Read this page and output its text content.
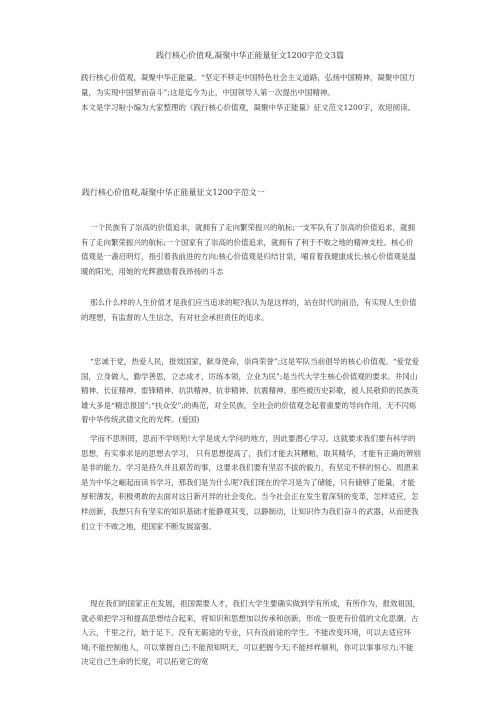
践行核心价值观,凝聚中华正能量征文1200字范文3篇

践行核心价值观，凝聚中华正能量。“坚定不移走中国特色社会主义道路，弘扬中国精神，凝聚中国力量，为实现中国梦而奋斗”;这是迄今为止，中国领导人第一次提出中国精神。

本文是学习啦小编为大家整理的《践行核心价值观，凝聚中华正能量》征文范文1200字，欢迎阅读。

践行核心价值观,凝聚中华正能量征文1200字范文一

一个民族有了崇高的价值追求，就拥有了走向繁荣振兴的航标;一支军队有了崇高的价值追求，就拥有了走向繁荣振兴的航标;一个国家有了崇高的价值追求，就拥有了利于不败之地的精神支柱。核心价值观是一盏启明灯，指引着我前进的方向;核心价值观是归结甘泉，哺育着我健康成长;核心价值观是温暖的阳光，用她的光辉激励着我昂扬的斗志

那么什么样的人生价值才是我们应当追求的呢?我认为是这样的，站在时代的前沿，有实现人生价值的理想，有监督的人生信念，有对社会承担责任的追求。

“忠诚于党，热爱人民，报效国家，献身使命，崇尚荣誉”;这是军队当前倡导的核心价值观。“爱党爱国，立身做人，勤学善思，立志成才，厉练本领，立业为民”;是当代大学生核心价值观的要求。井冈山精神、长征精神、雷锋精神、抗洪精神、抗非精神、抗震精神、那些被历史彩歌，被人民敬仰的民族英雄大多是“精忠报国”;“扶众安”;的典范，对全民族、全社会的价值观念起着重要的导向作用，无不闪烁着中华传统武德文化的光辉。(爱国)

学而不思则罔，思而不学则殆!大学是成大学问的地方，因此要潜心学习。这就要求我们要有科学的思想，有实事求是的思想去学习， 只有思想提高了，我们才能去其糟粕，取其精华，才能有正确的辨别是非的能力。学习是持久并且艰苦的事，这要求我们要有坚忍不拔的毅力，有坚定不移的恒心。周恩来是为中华之崛起而读书学习，那我们是为什么呢?我们现在的学习是为了储能，只有储够了能量，才能厚积薄发，积极勇敢的去面对这日新月异的社会变化。当今社会正在发生着深刻的变革，怎样适应，怎样创新，我想只有有坚实的知识基础才能静观其变，以静制动，让知识作为我们奋斗的武器，从而使我们立于不败之地，使国家不断发展富强。

现在我们的国家正在发展，祖国需要人才，我们大学生要确实做到学有所成，有所作为，报效祖国，就必须把学习和提高思想结合起来，将知识和思想加以传承和创新，形成一股更有价值的文化思潮。古人云，千里之行，始于足下。没有无砺途的专业，只有没前途的学生。不能改变环境，可以去适应环境;不能控制他人，可以掌握自己;不能预知明天，可以把握今天;不能样样顺利，你可以事事尽力;不能决定自己生命的长度，可以拓宽它的宽
